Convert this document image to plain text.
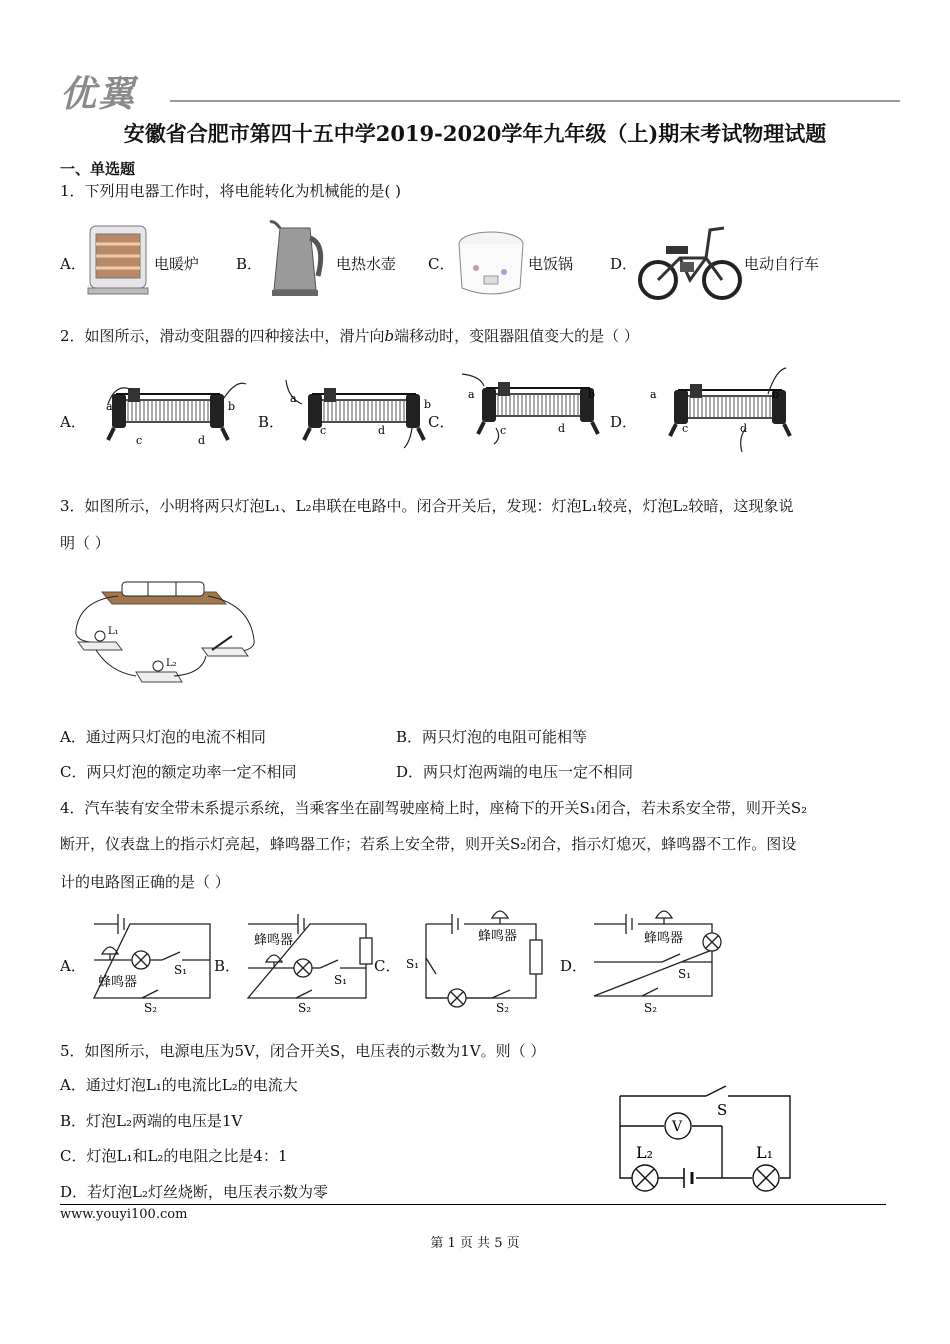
优翼
安徽省合肥市第四十五中学2019-2020学年九年级（上)期末考试物理试题
一、单选题
1．下列用电器工作时，将电能转化为机械能的是( )
A．	电暖炉 B．	电热水壶 C．	电饭锅 D．	电动自行车
2．如图所示，滑动变阻器的四种接法中，滑片向b端移动时，变阻器阻值变大的是（ ）
A．
a	b
c	d
B．
a	b
c	d	C．
a	b
c	d	D．
a	b
c	d
3．如图所示，小明将两只灯泡L₁、L₂串联在电路中。闭合开关后，发现：灯泡L₁较亮，灯泡L₂较暗，这现象说
明（ ）
L₁
L₂
A．通过两只灯泡的电流不相同	B．两只灯泡的电阻可能相等
C．两只灯泡的额定功率一定不相同	D．两只灯泡两端的电压一定不相同
4．汽车装有安全带未系提示系统，当乘客坐在副驾驶座椅上时，座椅下的开关S₁闭合，若未系安全带，则开关S₂
断开，仪表盘上的指示灯亮起，蜂鸣器工作；若系上安全带，则开关S₂闭合，指示灯熄灭，蜂鸣器不工作。图设
计的电路图正确的是（ ）
A．
蜂鸣器
S₁
S₂
B．
蜂鸣器
S₁
S₂
C．
蜂鸣器
S₁
S₂
D．
蜂鸣器
S₁
S₂
5．如图所示，电源电压为5V，闭合开关S，电压表的示数为1V。则（ ）
A．通过灯泡L₁的电流比L₂的电流大
B．灯泡L₂两端的电压是1V
C．灯泡L₁和L₂的电阻之比是4：1
D．若灯泡L₂灯丝烧断，电压表示数为零
S
V
L₂	L₁
www.youyi100.com
第 1 页 共 5 页
